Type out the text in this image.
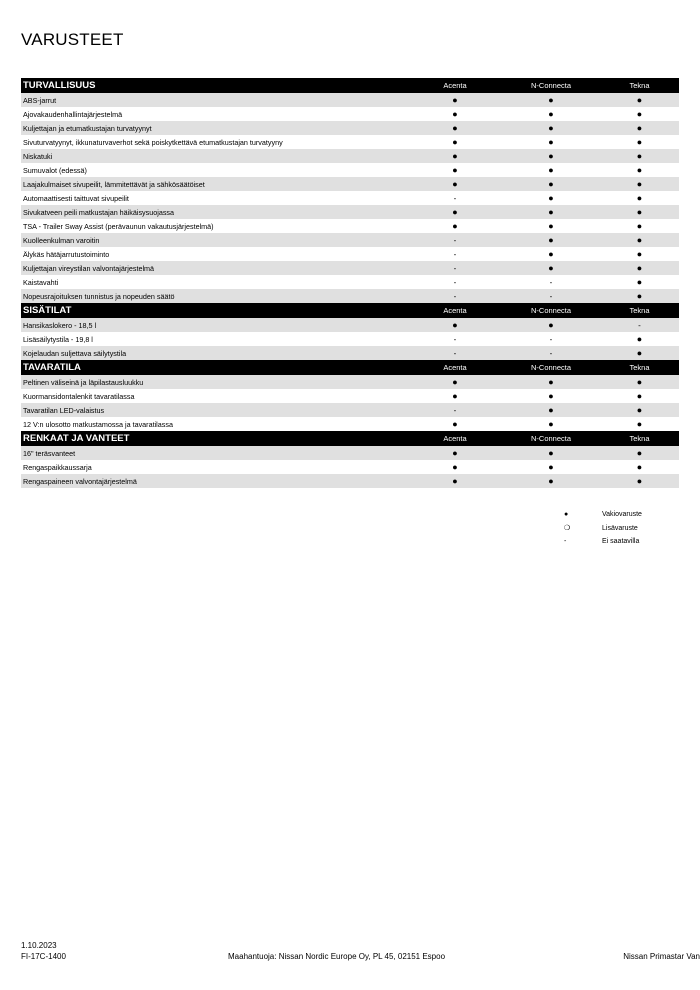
VARUSTEET
TURVALLISUUS	Acenta	N-Connecta	Tekna
ABS-jarrut	●	●	●
Ajovakaudenhallintajärjestelmä	●	●	●
Kuljettajan ja etumatkustajan turvatyynyt	●	●	●
Sivuturvatyynyt, ikkunaturvaverhot sekä poiskytkettävä etumatkustajan turvatyyny	●	●	●
Niskatuki	●	●	●
Sumuvalot (edessä)	●	●	●
Laajakulmaiset sivupeilit, lämmitettävät ja sähkösäätöiset	●	●	●
Automaattisesti taittuvat sivupeilit	-	●	●
Sivukatveen peili matkustajan häikäisysuojassa	●	●	●
TSA - Trailer Sway Assist (perävaunun vakautusjärjestelmä)	●	●	●
Kuolleenkulman varoitin	-	●	●
Älykäs hätäjarrutustoiminto	-	●	●
Kuljettajan vireystilan valvontajärjestelmä	-	●	●
Kaistavahti	-	-	●
Nopeusrajoituksen tunnistus ja nopeuden säätö	-	-	●
SISÄTILAT	Acenta	N-Connecta	Tekna
Hansikaslokero - 18,5 l	●	●	-
Lisäsäilytystila - 19,8 l	-	-	●
Kojelaudan suljettava säilytystila	-	-	●
TAVARATILA	Acenta	N-Connecta	Tekna
Peltinen väliseinä ja läpilastausluukku	●	●	●
Kuormansidontalenkit tavaratilassa	●	●	●
Tavaratilan LED-valaistus	-	●	●
12 V:n ulosotto matkustamossa ja tavaratilassa	●	●	●
RENKAAT JA VANTEET	Acenta	N-Connecta	Tekna
16" teräsvanteet	●	●	●
Rengaspaikkaussarja	●	●	●
Rengaspaineen valvontajärjestelmä	●	●	●
●	Vakiovaruste
❍	Lisävaruste
-	Ei saatavilla
1.10.2023
FI-17C-1400	Maahantuoja: Nissan Nordic Europe Oy, PL 45, 02151 Espoo	Nissan Primastar Van
